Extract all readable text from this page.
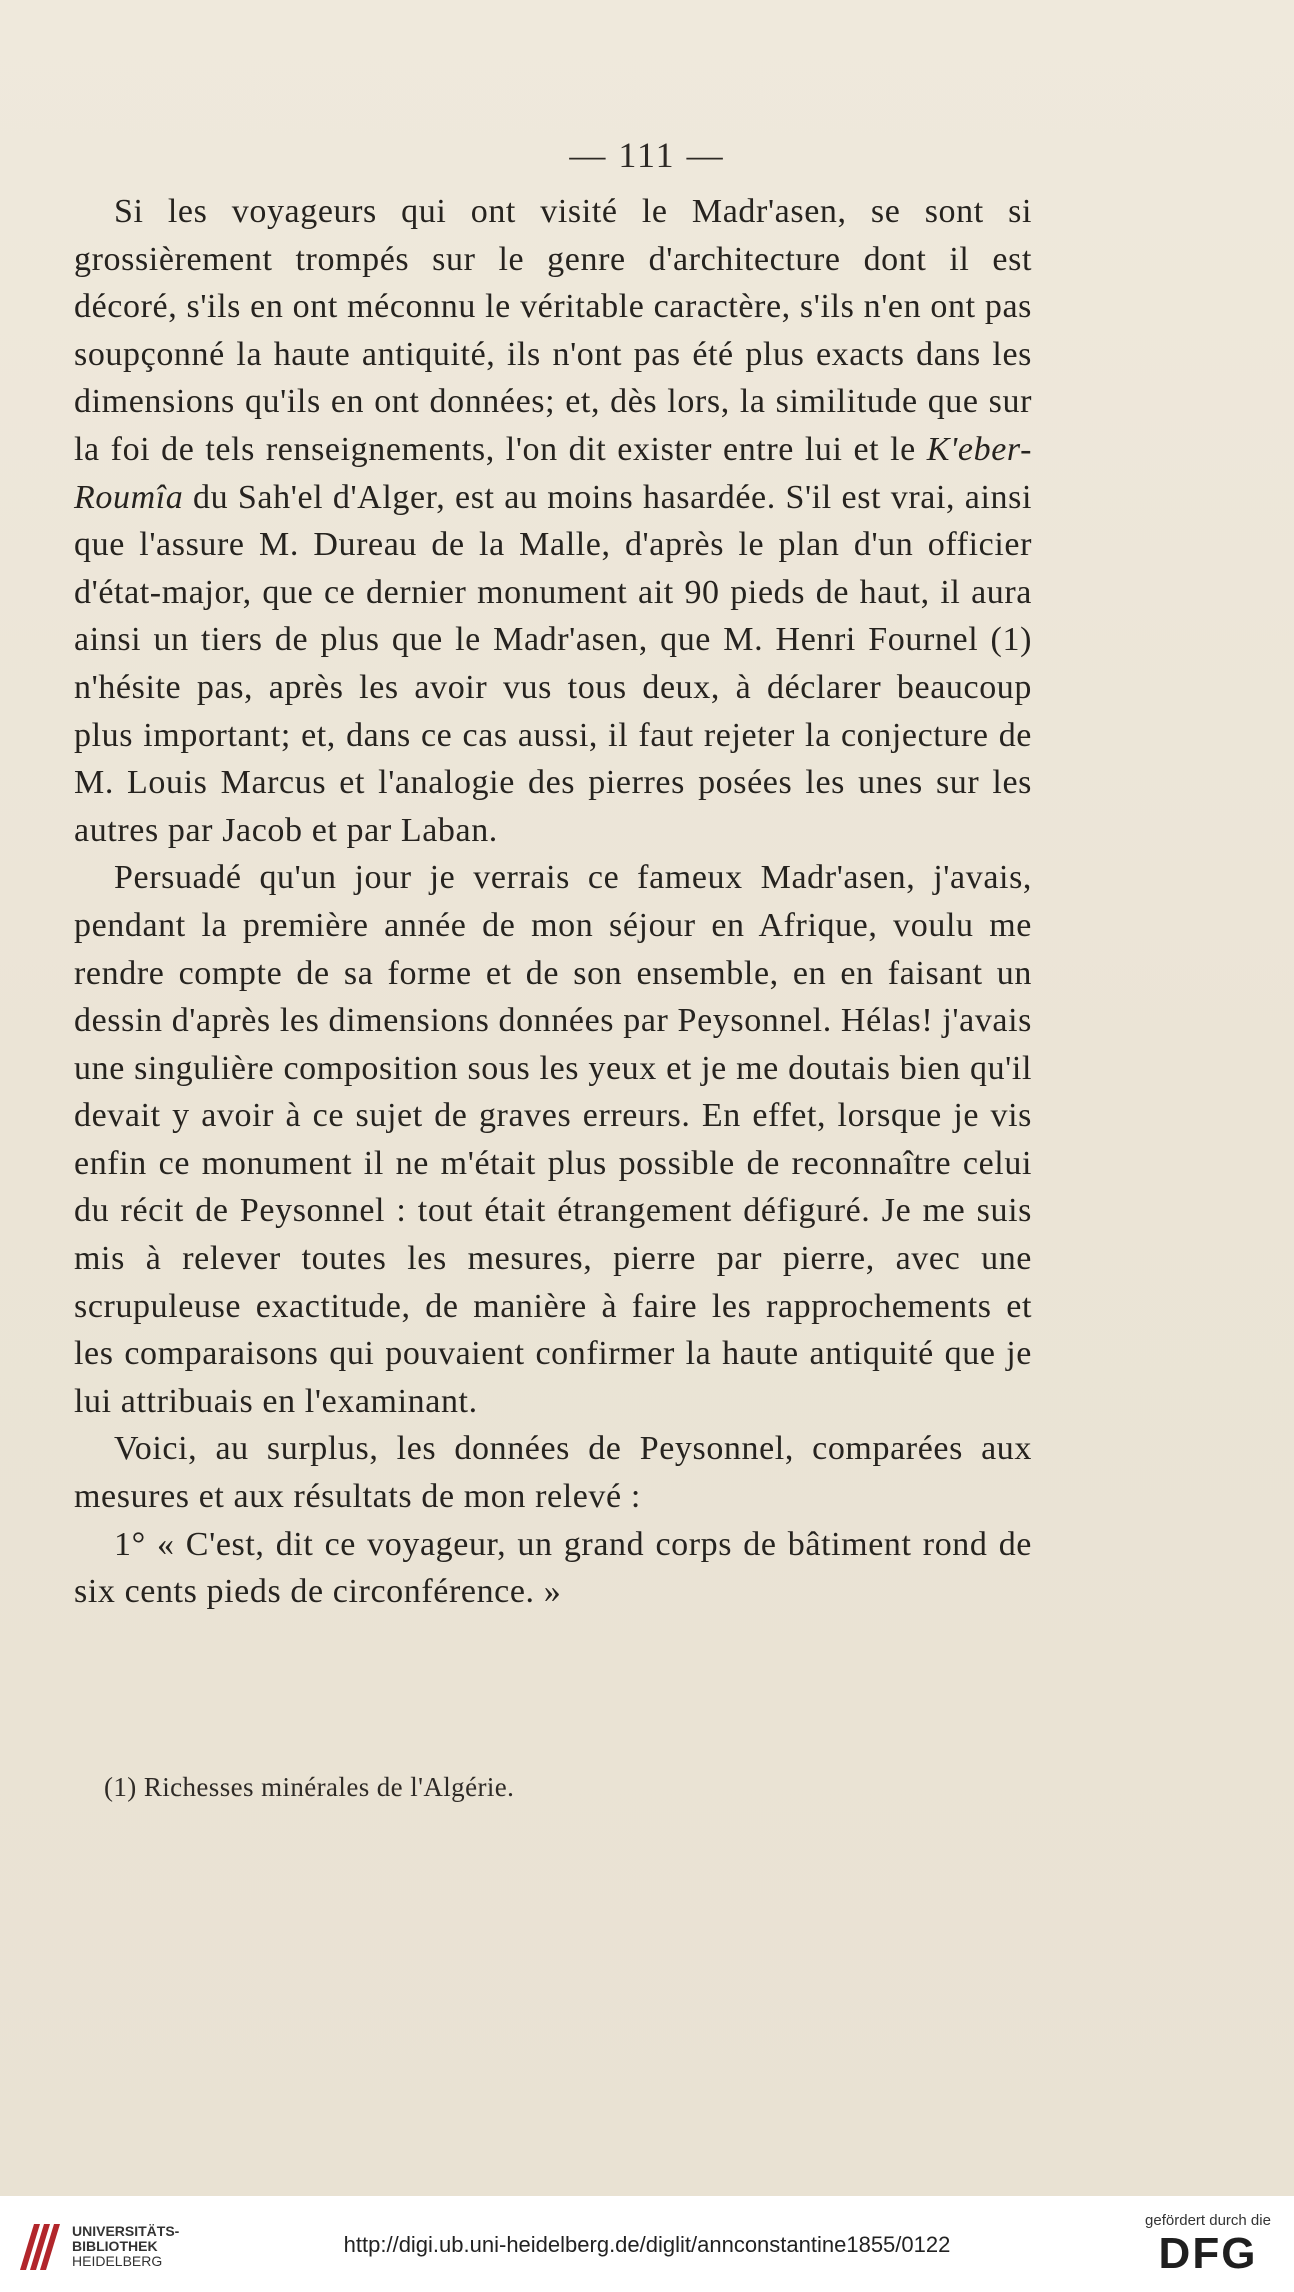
— 111 —

Si les voyageurs qui ont visité le Madr'asen, se sont si grossièrement trompés sur le genre d'architecture dont il est décoré, s'ils en ont méconnu le véritable caractère, s'ils n'en ont pas soupçonné la haute antiquité, ils n'ont pas été plus exacts dans les dimensions qu'ils en ont données; et, dès lors, la similitude que sur la foi de tels renseignements, l'on dit exister entre lui et le K'eber-Roumîa du Sah'el d'Alger, est au moins hasardée. S'il est vrai, ainsi que l'assure M. Dureau de la Malle, d'après le plan d'un officier d'état-major, que ce dernier monument ait 90 pieds de haut, il aura ainsi un tiers de plus que le Madr'asen, que M. Henri Fournel (1) n'hésite pas, après les avoir vus tous deux, à déclarer beaucoup plus important; et, dans ce cas aussi, il faut rejeter la conjecture de M. Louis Marcus et l'analogie des pierres posées les unes sur les autres par Jacob et par Laban.

Persuadé qu'un jour je verrais ce fameux Madr'asen, j'avais, pendant la première année de mon séjour en Afrique, voulu me rendre compte de sa forme et de son ensemble, en en faisant un dessin d'après les dimensions données par Peysonnel. Hélas! j'avais une singulière composition sous les yeux et je me doutais bien qu'il devait y avoir à ce sujet de graves erreurs. En effet, lorsque je vis enfin ce monument il ne m'était plus possible de reconnaître celui du récit de Peysonnel : tout était étrangement défiguré. Je me suis mis à relever toutes les mesures, pierre par pierre, avec une scrupuleuse exactitude, de manière à faire les rapprochements et les comparaisons qui pouvaient confirmer la haute antiquité que je lui attribuais en l'examinant.

Voici, au surplus, les données de Peysonnel, comparées aux mesures et aux résultats de mon relevé :

1° « C'est, dit ce voyageur, un grand corps de bâtiment rond de six cents pieds de circonférence. »

(1) Richesses minérales de l'Algérie.
UNIVERSITÄTS-
BIBLIOTHEK
HEIDELBERG
http://digi.ub.uni-heidelberg.de/diglit/annconstantine1855/0122
gefördert durch die
DFG
